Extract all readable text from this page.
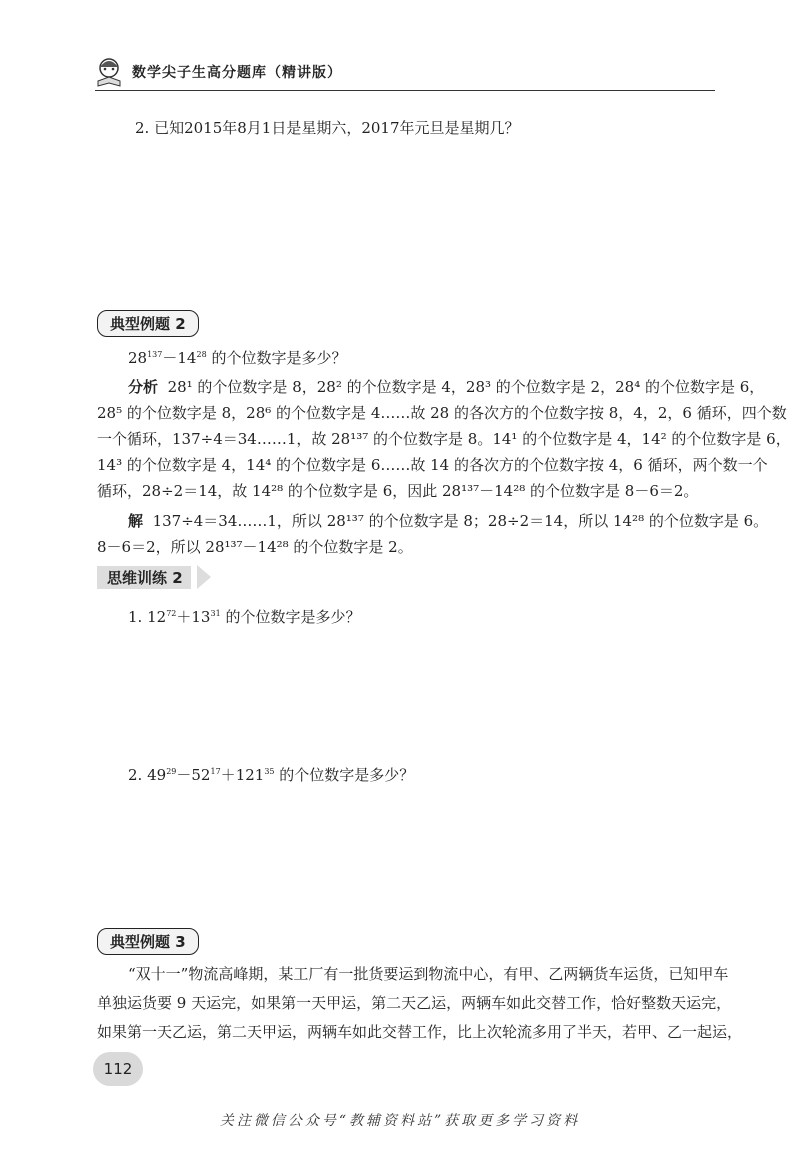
数学尖子生高分题库（精讲版）
2. 已知2015年8月1日是星期六，2017年元旦是星期几？
典型例题 2
$28^{137}-14^{28}$ 的个位数字是多少？
分析 28¹ 的个位数字是 8，28² 的个位数字是 4，28³ 的个位数字是 2，28⁴ 的个位数字是 6，
28⁵ 的个位数字是 8，28⁶ 的个位数字是 4……故 28 的各次方的个位数字按 8，4，2，6 循环，四个数
一个循环，137÷4＝34……1，故 28¹³⁷ 的个位数字是 8。14¹ 的个位数字是 4，14² 的个位数字是 6，
14³ 的个位数字是 4，14⁴ 的个位数字是 6……故 14 的各次方的个位数字按 4，6 循环，两个数一个
循环，28÷2＝14，故 14²⁸ 的个位数字是 6，因此 28¹³⁷－14²⁸ 的个位数字是 8－6＝2。
解 137÷4＝34……1，所以 28¹³⁷ 的个位数字是 8；28÷2＝14，所以 14²⁸ 的个位数字是 6。
8－6＝2，所以 28¹³⁷－14²⁸ 的个位数字是 2。
思维训练 2
1. $12^{72}+13^{31}$ 的个位数字是多少？
2. $49^{29}-52^{17}+121^{35}$ 的个位数字是多少？
典型例题 3
“双十一”物流高峰期，某工厂有一批货要运到物流中心，有甲、乙两辆货车运货，已知甲车
单独运货要 9 天运完，如果第一天甲运，第二天乙运，两辆车如此交替工作，恰好整数天运完，
如果第一天乙运，第二天甲运，两辆车如此交替工作，比上次轮流多用了半天，若甲、乙一起运，
112
关注微信公众号“教辅资料站”获取更多学习资料
